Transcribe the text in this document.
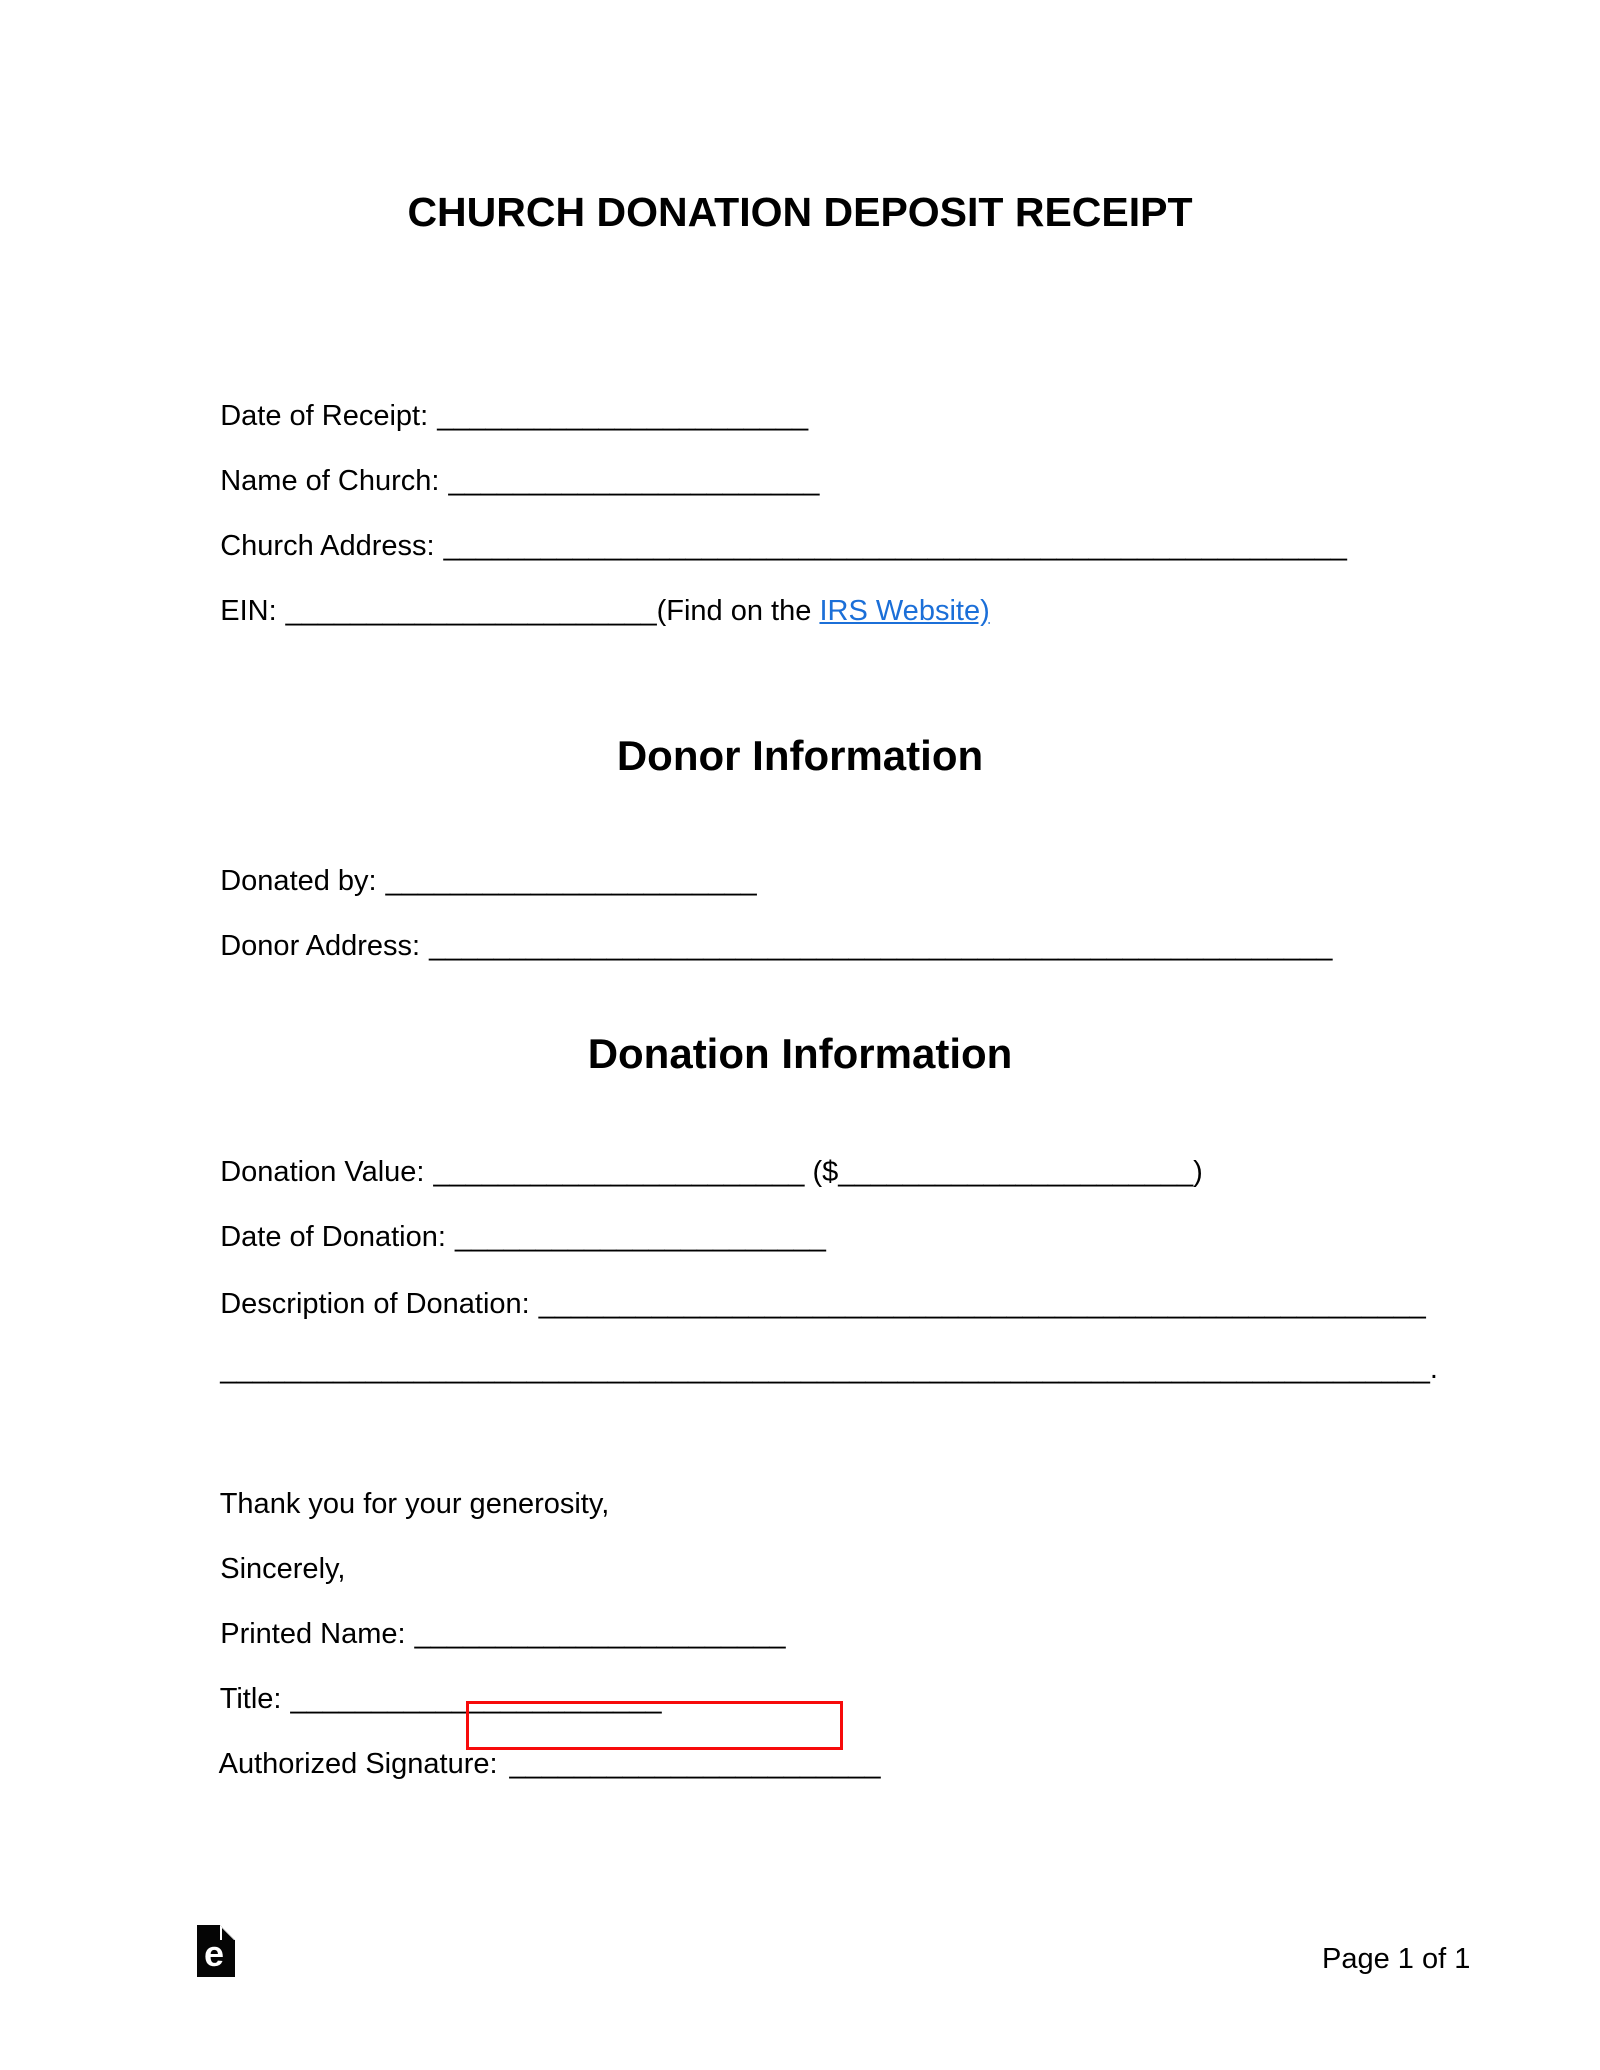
CHURCH DONATION DEPOSIT RECEIPT

Date of Receipt: _______________________

Name of Church: _______________________

Church Address: ________________________________________________________

EIN: _______________________(Find on the IRS Website)

Donor Information

Donated by: _______________________

Donor Address: ________________________________________________________

Donation Information

Donation Value: _______________________ ($______________________)

Date of Donation: _______________________

Description of Donation: _______________________________________________________

___________________________________________________________________________.

Thank you for your generosity,

Sincerely,

Printed Name: _______________________

Title: _______________________

Authorized Signature: _______________________

e	Page 1 of 1
